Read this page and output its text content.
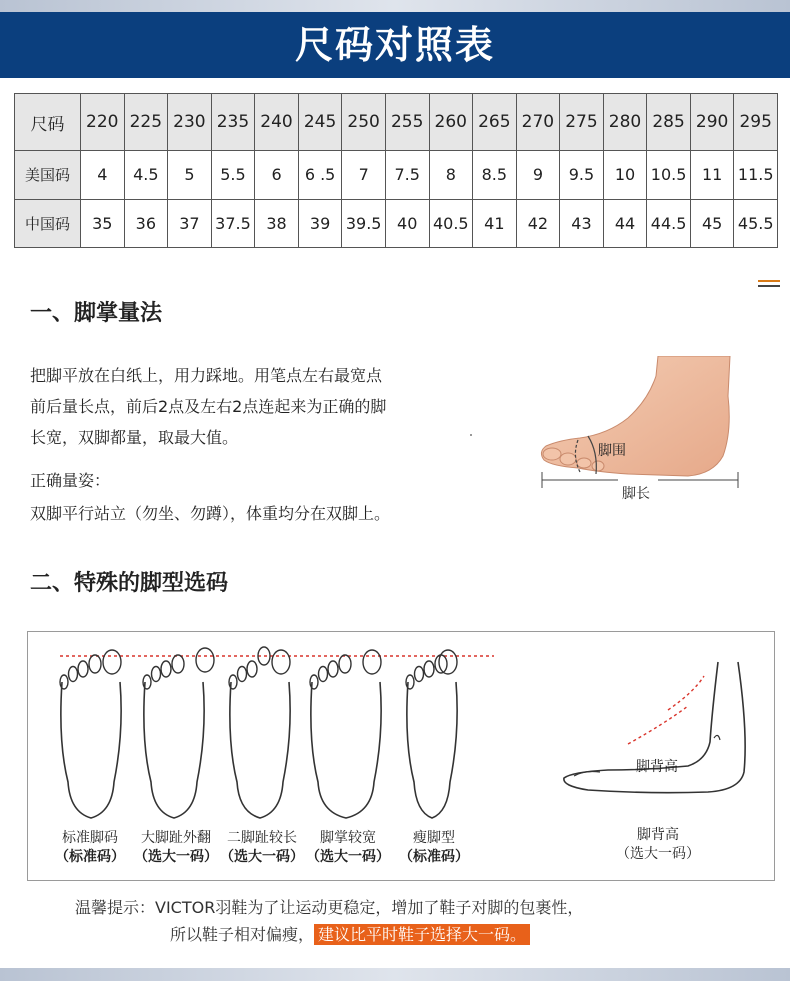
尺码对照表
尺码	220	225	230	235	240	245	250	255	260	265	270	275	280	285	290	295
美国码	4	4.5	5	5.5	6	6 .5	7	7.5	8	8.5	9	9.5	10	10.5	11	11.5
中国码	35	36	37	37.5	38	39	39.5	40	40.5	41	42	43	44	44.5	45	45.5
一、脚掌量法
把脚平放在白纸上，用力踩地。用笔点左右最宽点
前后量长点，前后2点及左右2点连起来为正确的脚
长宽，双脚都量，取最大值。
正确量姿：
双脚平行站立（勿坐、勿蹲），体重均分在双脚上。
脚围
脚长
二、特殊的脚型选码
标准脚码
（标准码）
大脚趾外翻
（选大一码）
二脚趾较长
（选大一码）
脚掌较宽
（选大一码）
瘦脚型
（标准码）
脚背高
脚背高
（选大一码）
温馨提示：VICTOR羽鞋为了让运动更稳定，增加了鞋子对脚的包裹性，
所以鞋子相对偏瘦， 建议比平时鞋子选择大一码。
